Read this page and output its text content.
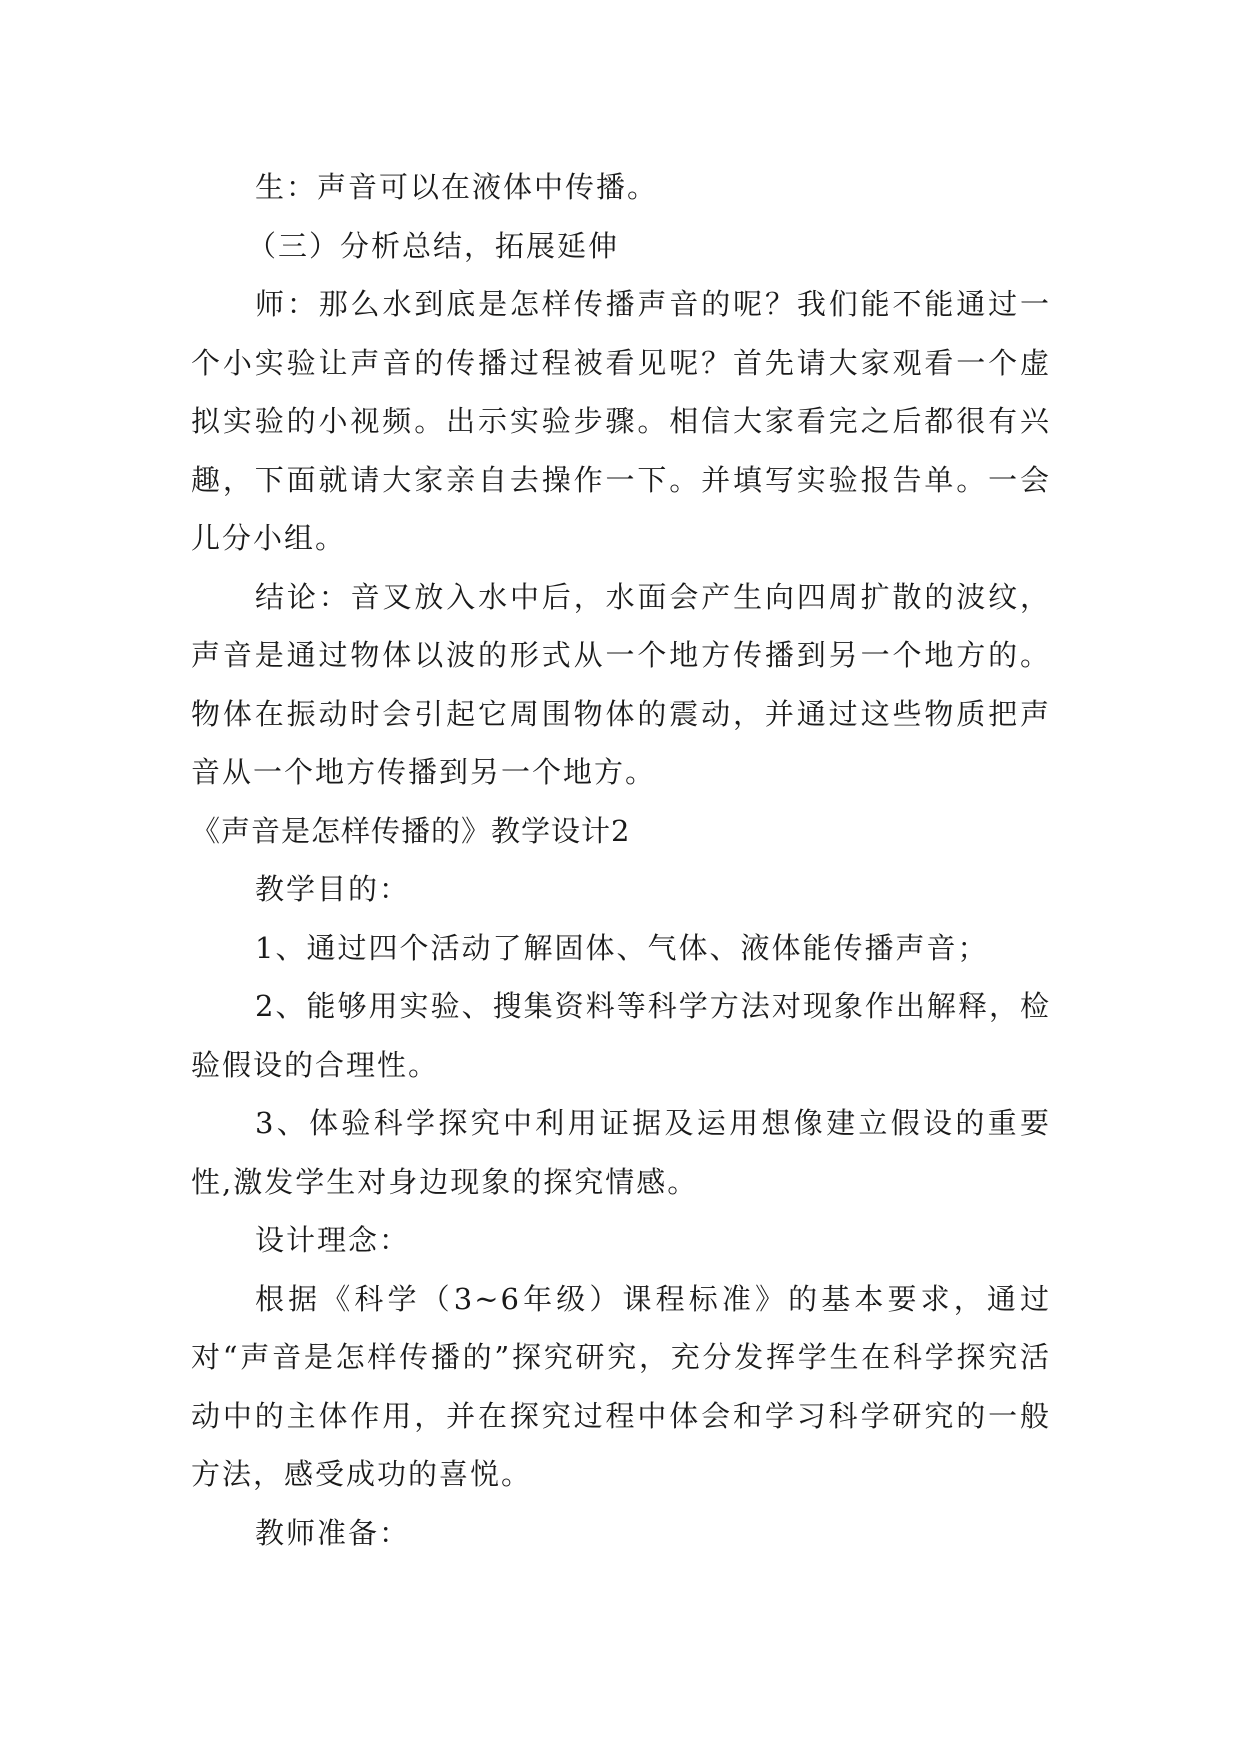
生：声音可以在液体中传播。

（三）分析总结，拓展延伸

师：那么水到底是怎样传播声音的呢？我们能不能通过一个小实验让声音的传播过程被看见呢？首先请大家观看一个虚拟实验的小视频。出示实验步骤。相信大家看完之后都很有兴趣，下面就请大家亲自去操作一下。并填写实验报告单。一会儿分小组。

结论：音叉放入水中后，水面会产生向四周扩散的波纹，声音是通过物体以波的形式从一个地方传播到另一个地方的。物体在振动时会引起它周围物体的震动，并通过这些物质把声音从一个地方传播到另一个地方。

《声音是怎样传播的》教学设计2

教学目的：

1、通过四个活动了解固体、气体、液体能传播声音；

2、能够用实验、搜集资料等科学方法对现象作出解释，检验假设的合理性。

3、体验科学探究中利用证据及运用想像建立假设的重要性,激发学生对身边现象的探究情感。

设计理念：

根据《科学（3~6年级）课程标准》的基本要求，通过对“声音是怎样传播的”探究研究，充分发挥学生在科学探究活动中的主体作用，并在探究过程中体会和学习科学研究的一般方法，感受成功的喜悦。

教师准备：
